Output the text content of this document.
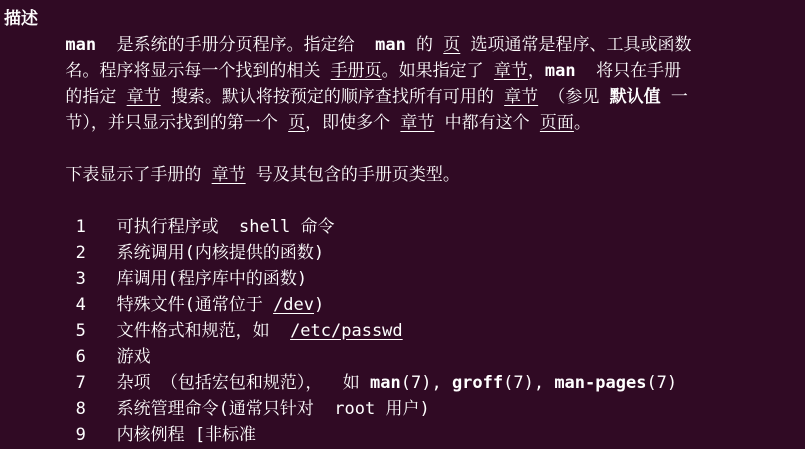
描述
man  是系统的手册分页程序。指定给  man 的 页 选项通常是程序、工具或函数
名。程序将显示每一个找到的相关 手册页。如果指定了 章节，man  将只在手册
的指定 章节 搜索。默认将按预定的顺序查找所有可用的 章节 （参见 默认值 一
节），并只显示找到的第一个 页，即使多个 章节 中都有这个 页面。
下表显示了手册的 章节 号及其包含的手册页类型。
1   可执行程序或  shell 命令
2   系统调用(内核提供的函数)
3   库调用(程序库中的函数)
4   特殊文件(通常位于 /dev)
5   文件格式和规范，如  /etc/passwd
6   游戏
7   杂项 （包括宏包和规范），  如 man(7), groff(7), man-pages(7)
8   系统管理命令(通常只针对  root 用户)
9   内核例程 [非标准
